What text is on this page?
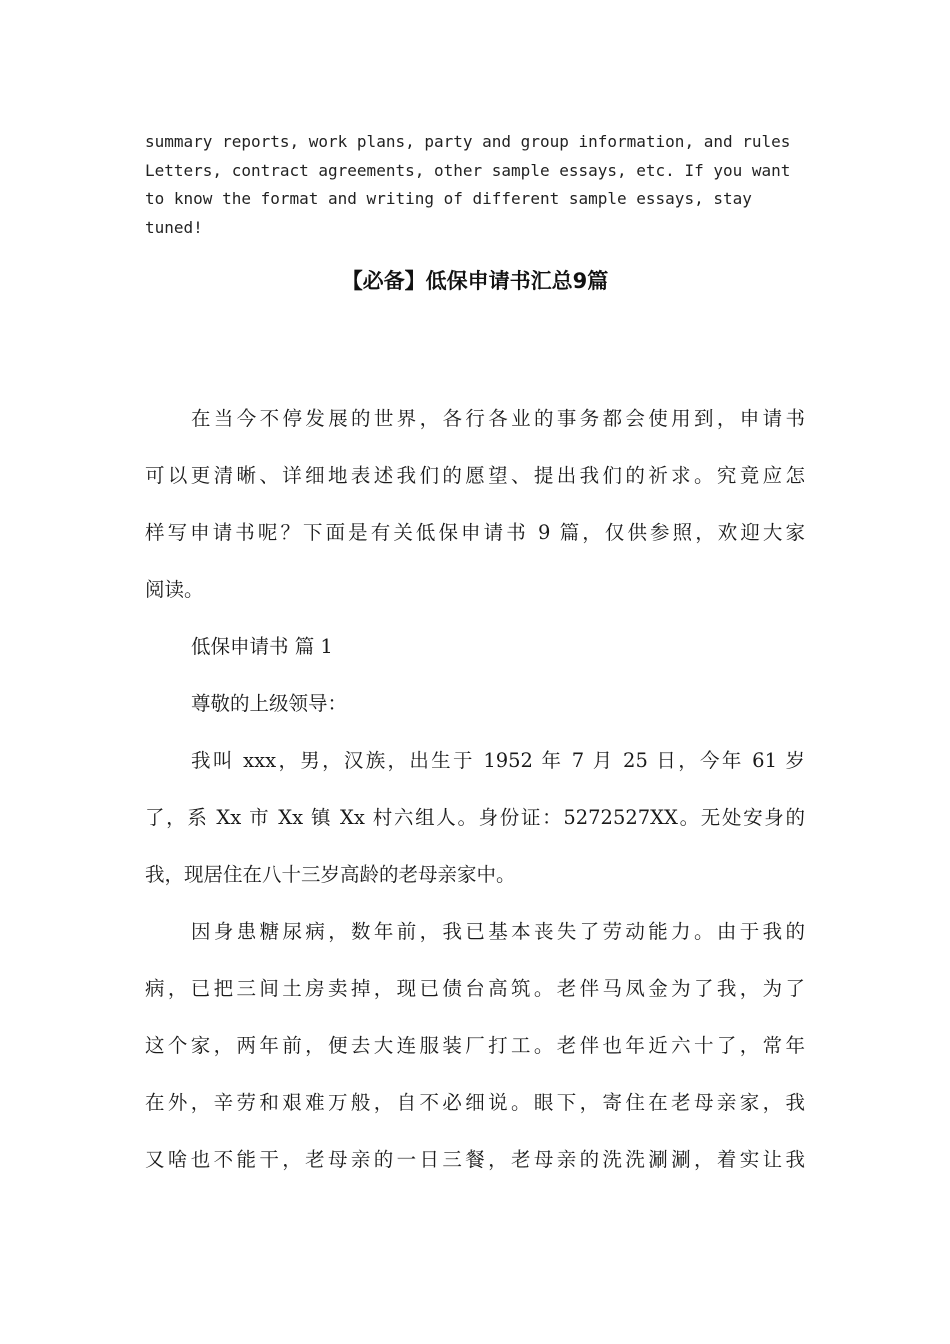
summary reports, work plans, party and group information, and rules
Letters, contract agreements, other sample essays, etc. If you want
to know the format and writing of different sample essays, stay
tuned!
【必备】低保申请书汇总9篇
在当今不停发展的世界，各行各业的事务都会使用到，申请书
可以更清晰、详细地表述我们的愿望、提出我们的祈求。究竟应怎
样写申请书呢？下面是有关低保申请书 9 篇，仅供参照，欢迎大家
阅读。
低保申请书 篇 1
尊敬的上级领导：
我叫 xxx，男，汉族，出生于 1952 年 7 月 25 日，今年 61 岁
了，系 Xx 市 Xx 镇 Xx 村六组人。身份证：5272527XX。无处安身的
我，现居住在八十三岁高龄的老母亲家中。
因身患糖尿病，数年前，我已基本丧失了劳动能力。由于我的
病，已把三间土房卖掉，现已债台高筑。老伴马凤金为了我，为了
这个家，两年前，便去大连服装厂打工。老伴也年近六十了，常年
在外，辛劳和艰难万般，自不必细说。眼下，寄住在老母亲家，我
又啥也不能干，老母亲的一日三餐，老母亲的洗洗涮涮，着实让我
